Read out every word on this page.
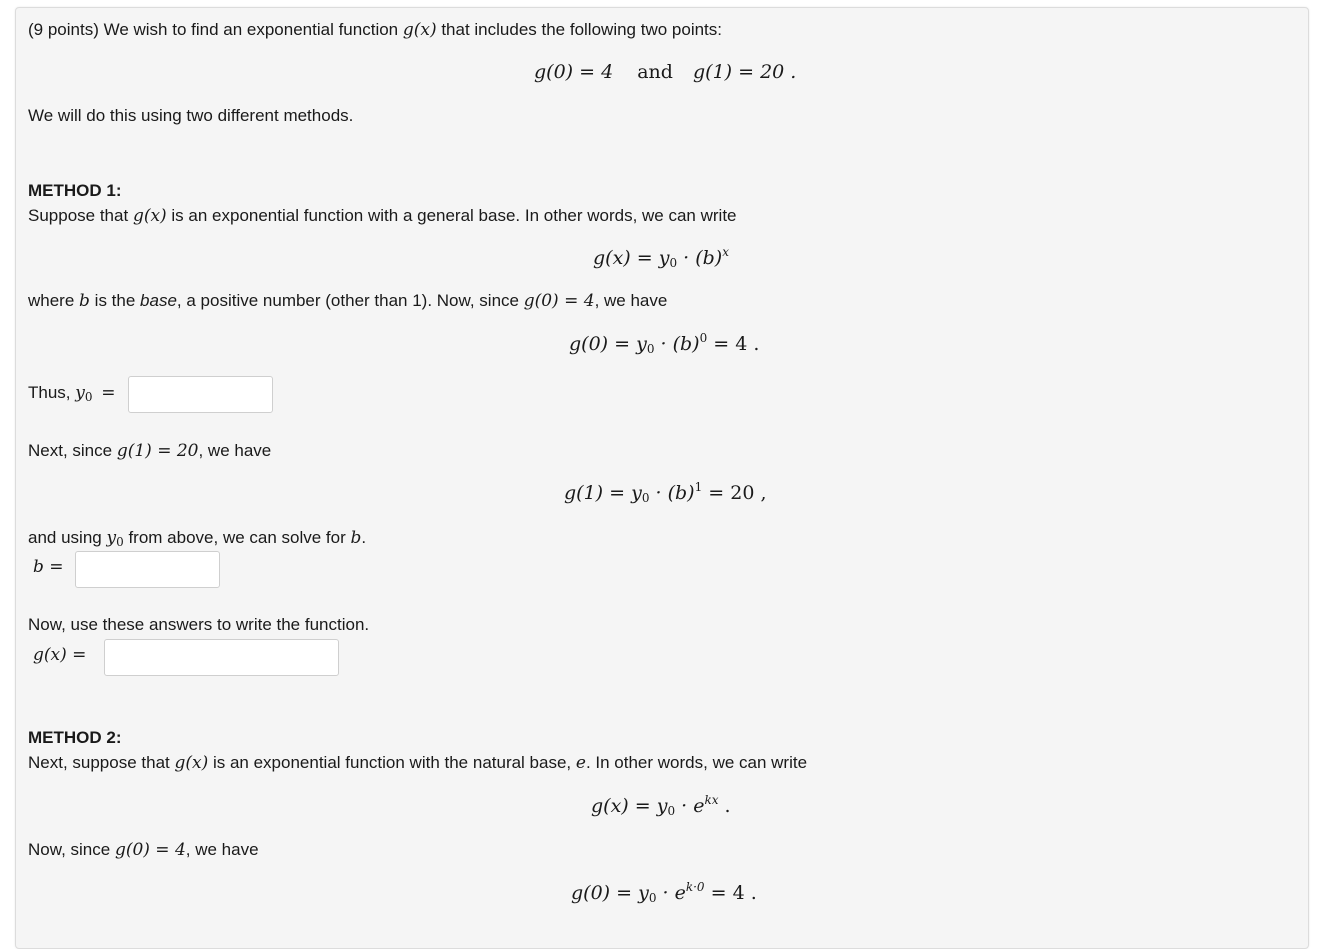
(9 points) We wish to find an exponential function g(x) that includes the following two points:
g(0) = 4 and g(1) = 20 .
We will do this using two different methods.
METHOD 1:
Suppose that g(x) is an exponential function with a general base. In other words, we can write
$g(x) = y_0 \cdot (b)^x$
where b is the base, a positive number (other than 1). Now, since g(0) = 4, we have
$g(0) = y_0 \cdot (b)^0 = 4$ .
Thus, $y_0$ =
Next, since g(1) = 20, we have
$g(1) = y_0 \cdot (b)^1 = 20$ ,
and using $y_0$ from above, we can solve for b.
b =
Now, use these answers to write the function.
g(x) =
METHOD 2:
Next, suppose that g(x) is an exponential function with the natural base, e. In other words, we can write
$g(x) = y_0 \cdot e^{kx}$ .
Now, since g(0) = 4, we have
$g(0) = y_0 \cdot e^{k\cdot 0} = 4$ .
